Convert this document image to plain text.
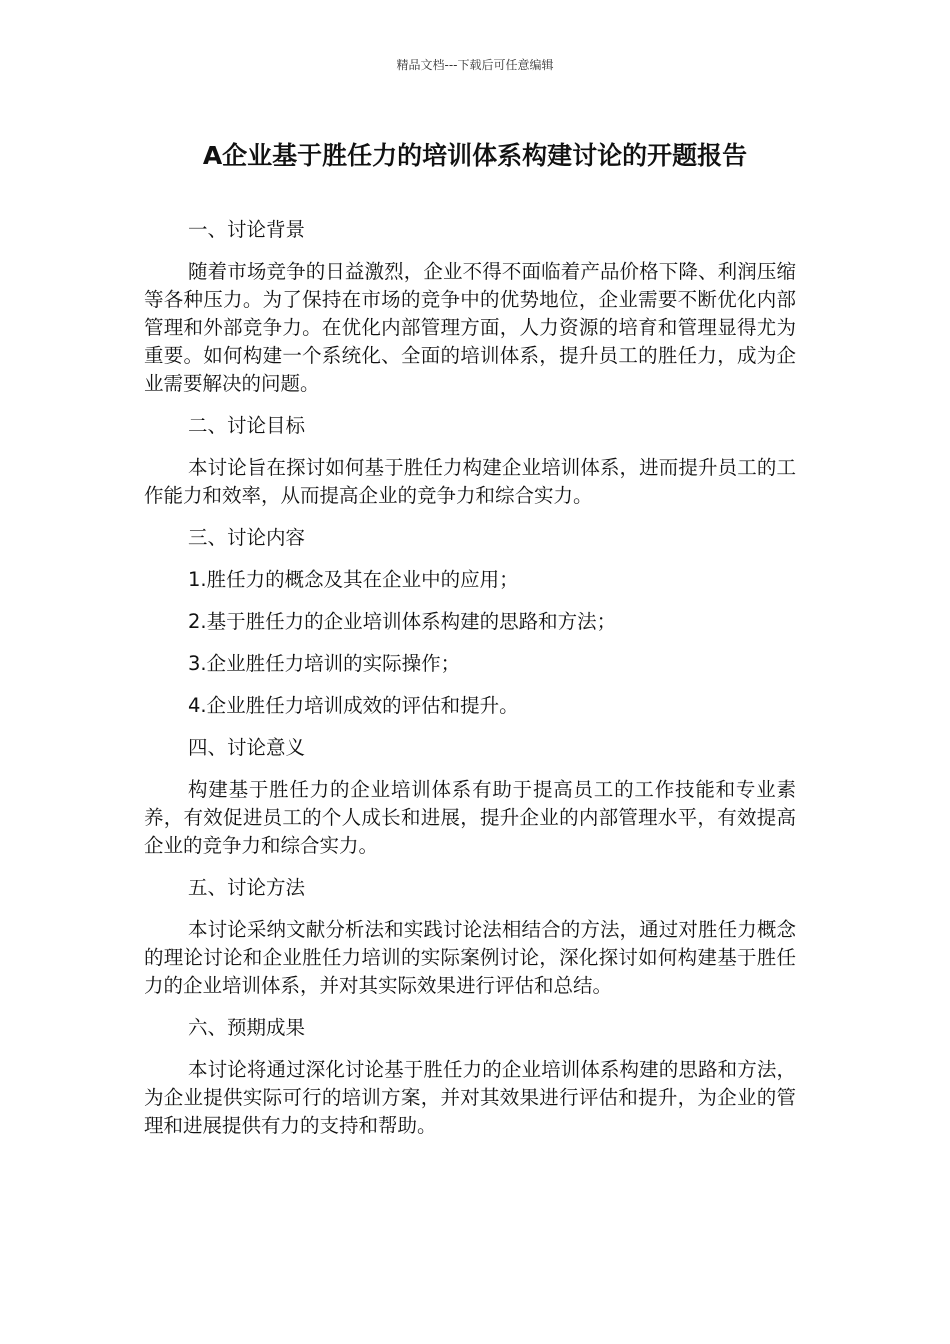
精品文档---下载后可任意编辑
A企业基于胜任力的培训体系构建讨论的开题报告

一、讨论背景

随着市场竞争的日益激烈，企业不得不面临着产品价格下降、利润压缩等各种压力。为了保持在市场的竞争中的优势地位，企业需要不断优化内部管理和外部竞争力。在优化内部管理方面，人力资源的培育和管理显得尤为重要。如何构建一个系统化、全面的培训体系，提升员工的胜任力，成为企业需要解决的问题。

二、讨论目标

本讨论旨在探讨如何基于胜任力构建企业培训体系，进而提升员工的工作能力和效率，从而提高企业的竞争力和综合实力。

三、讨论内容

1.胜任力的概念及其在企业中的应用；

2.基于胜任力的企业培训体系构建的思路和方法；

3.企业胜任力培训的实际操作；

4.企业胜任力培训成效的评估和提升。

四、讨论意义

构建基于胜任力的企业培训体系有助于提高员工的工作技能和专业素养，有效促进员工的个人成长和进展，提升企业的内部管理水平，有效提高企业的竞争力和综合实力。

五、讨论方法

本讨论采纳文献分析法和实践讨论法相结合的方法，通过对胜任力概念的理论讨论和企业胜任力培训的实际案例讨论，深化探讨如何构建基于胜任力的企业培训体系，并对其实际效果进行评估和总结。

六、预期成果

本讨论将通过深化讨论基于胜任力的企业培训体系构建的思路和方法，为企业提供实际可行的培训方案，并对其效果进行评估和提升，为企业的管理和进展提供有力的支持和帮助。
